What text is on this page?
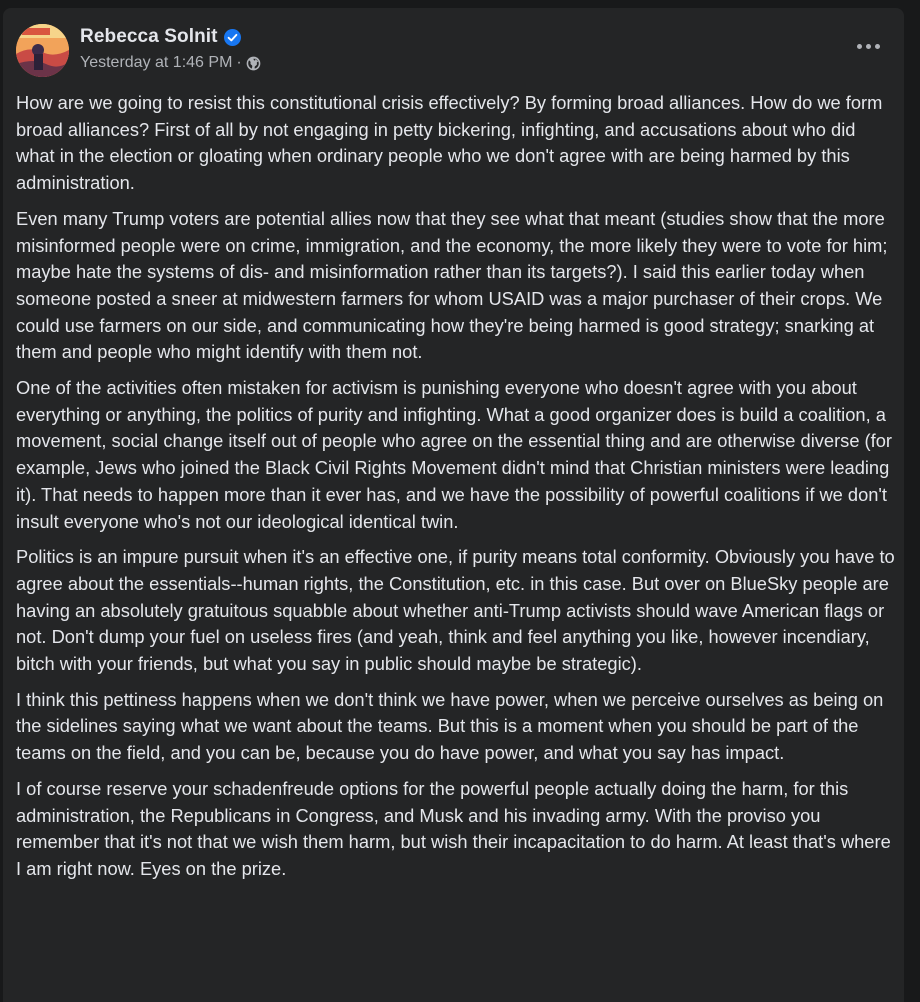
Rebecca Solnit
Yesterday at 1:46 PM ·

How are we going to resist this constitutional crisis effectively? By forming broad alliances. How do we form broad alliances? First of all by not engaging in petty bickering, infighting, and accusations about who did what in the election or gloating when ordinary people who we don't agree with are being harmed by this administration.

Even many Trump voters are potential allies now that they see what that meant (studies show that the more misinformed people were on crime, immigration, and the economy, the more likely they were to vote for him; maybe hate the systems of dis- and misinformation rather than its targets?). I said this earlier today when someone posted a sneer at midwestern farmers for whom USAID was a major purchaser of their crops. We could use farmers on our side, and communicating how they're being harmed is good strategy; snarking at them and people who might identify with them not.

One of the activities often mistaken for activism is punishing everyone who doesn't agree with you about everything or anything, the politics of purity and infighting. What a good organizer does is build a coalition, a movement, social change itself out of people who agree on the essential thing and are otherwise diverse (for example, Jews who joined the Black Civil Rights Movement didn't mind that Christian ministers were leading it). That needs to happen more than it ever has, and we have the possibility of powerful coalitions if we don't insult everyone who's not our ideological identical twin.

Politics is an impure pursuit when it's an effective one, if purity means total conformity. Obviously you have to agree about the essentials--human rights, the Constitution, etc. in this case. But over on BlueSky people are having an absolutely gratuitous squabble about whether anti-Trump activists should wave American flags or not. Don't dump your fuel on useless fires (and yeah, think and feel anything you like, however incendiary, bitch with your friends, but what you say in public should maybe be strategic).

I think this pettiness happens when we don't think we have power, when we perceive ourselves as being on the sidelines saying what we want about the teams. But this is a moment when you should be part of the teams on the field, and you can be, because you do have power, and what you say has impact.

I of course reserve your schadenfreude options for the powerful people actually doing the harm, for this administration, the Republicans in Congress, and Musk and his invading army. With the proviso you remember that it's not that we wish them harm, but wish their incapacitation to do harm. At least that's where I am right now. Eyes on the prize.
